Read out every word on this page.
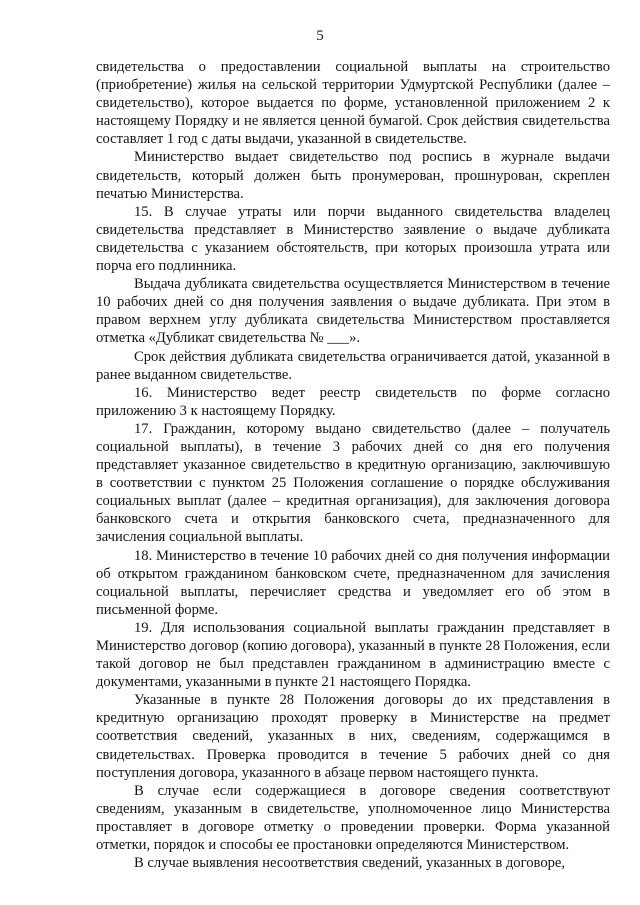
5

свидетельства о предоставлении социальной выплаты на строительство (приобретение) жилья на сельской территории Удмуртской Республики (далее – свидетельство), которое выдается по форме, установленной приложением 2 к настоящему Порядку и не является ценной бумагой. Срок действия свидетельства составляет 1 год с даты выдачи, указанной в свидетельстве.

Министерство выдает свидетельство под роспись в журнале выдачи свидетельств, который должен быть пронумерован, прошнурован, скреплен печатью Министерства.

15. В случае утраты или порчи выданного свидетельства владелец свидетельства представляет в Министерство заявление о выдаче дубликата свидетельства с указанием обстоятельств, при которых произошла утрата или порча его подлинника.

Выдача дубликата свидетельства осуществляется Министерством в течение 10 рабочих дней со дня получения заявления о выдаче дубликата. При этом в правом верхнем углу дубликата свидетельства Министерством проставляется отметка «Дубликат свидетельства № ___».

Срок действия дубликата свидетельства ограничивается датой, указанной в ранее выданном свидетельстве.

16. Министерство ведет реестр свидетельств по форме согласно приложению 3 к настоящему Порядку.

17. Гражданин, которому выдано свидетельство (далее – получатель социальной выплаты), в течение 3 рабочих дней со дня его получения представляет указанное свидетельство в кредитную организацию, заключившую в соответствии с пунктом 25 Положения соглашение о порядке обслуживания социальных выплат (далее – кредитная организация), для заключения договора банковского счета и открытия банковского счета, предназначенного для зачисления социальной выплаты.

18. Министерство в течение 10 рабочих дней со дня получения информации об открытом гражданином банковском счете, предназначенном для зачисления социальной выплаты, перечисляет средства и уведомляет его об этом в письменной форме.

19. Для использования социальной выплаты гражданин представляет в Министерство договор (копию договора), указанный в пункте 28 Положения, если такой договор не был представлен гражданином в администрацию вместе с документами, указанными в пункте 21 настоящего Порядка.

Указанные в пункте 28 Положения договоры до их представления в кредитную организацию проходят проверку в Министерстве на предмет соответствия сведений, указанных в них, сведениям, содержащимся в свидетельствах. Проверка проводится в течение 5 рабочих дней со дня поступления договора, указанного в абзаце первом настоящего пункта.

В случае если содержащиеся в договоре сведения соответствуют сведениям, указанным в свидетельстве, уполномоченное лицо Министерства проставляет в договоре отметку о проведении проверки. Форма указанной отметки, порядок и способы ее простановки определяются Министерством.

В случае выявления несоответствия сведений, указанных в договоре,
